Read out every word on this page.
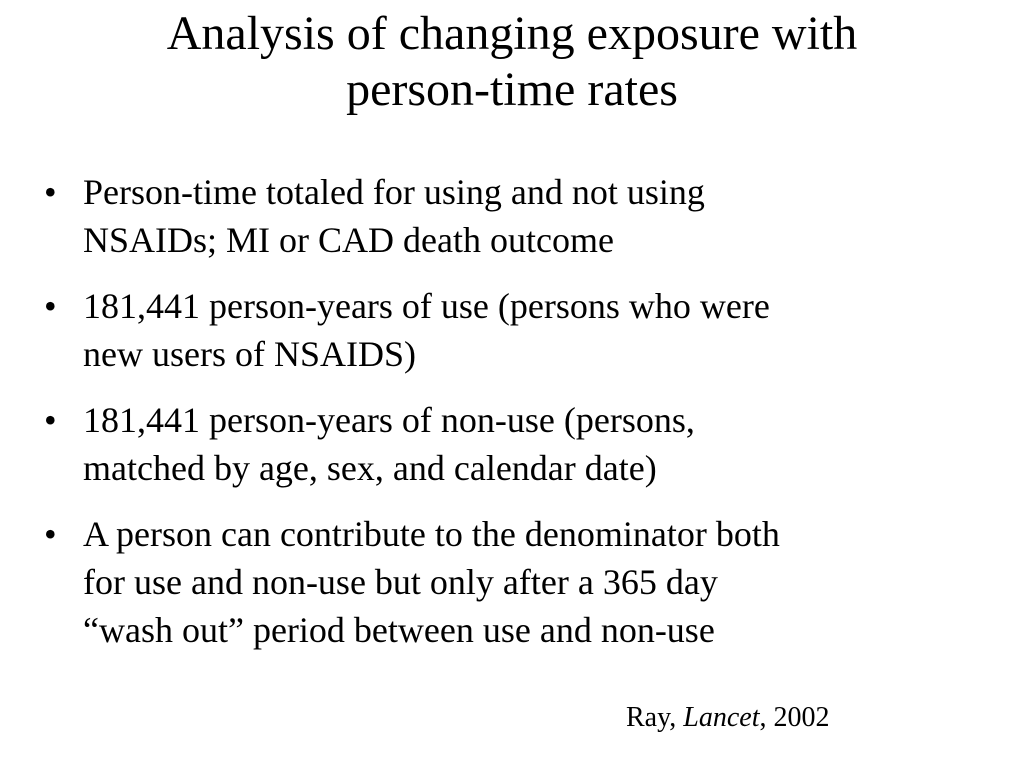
Analysis of changing exposure with
person-time rates
• Person-time totaled for using and not using
NSAIDs; MI or CAD death outcome
• 181,441 person-years of use (persons who were
new users of NSAIDS)
• 181,441 person-years of non-use (persons,
matched by age, sex, and calendar date)
• A person can contribute to the denominator both
for use and non-use but only after a 365 day
“wash out” period between use and non-use
Ray, Lancet, 2002
